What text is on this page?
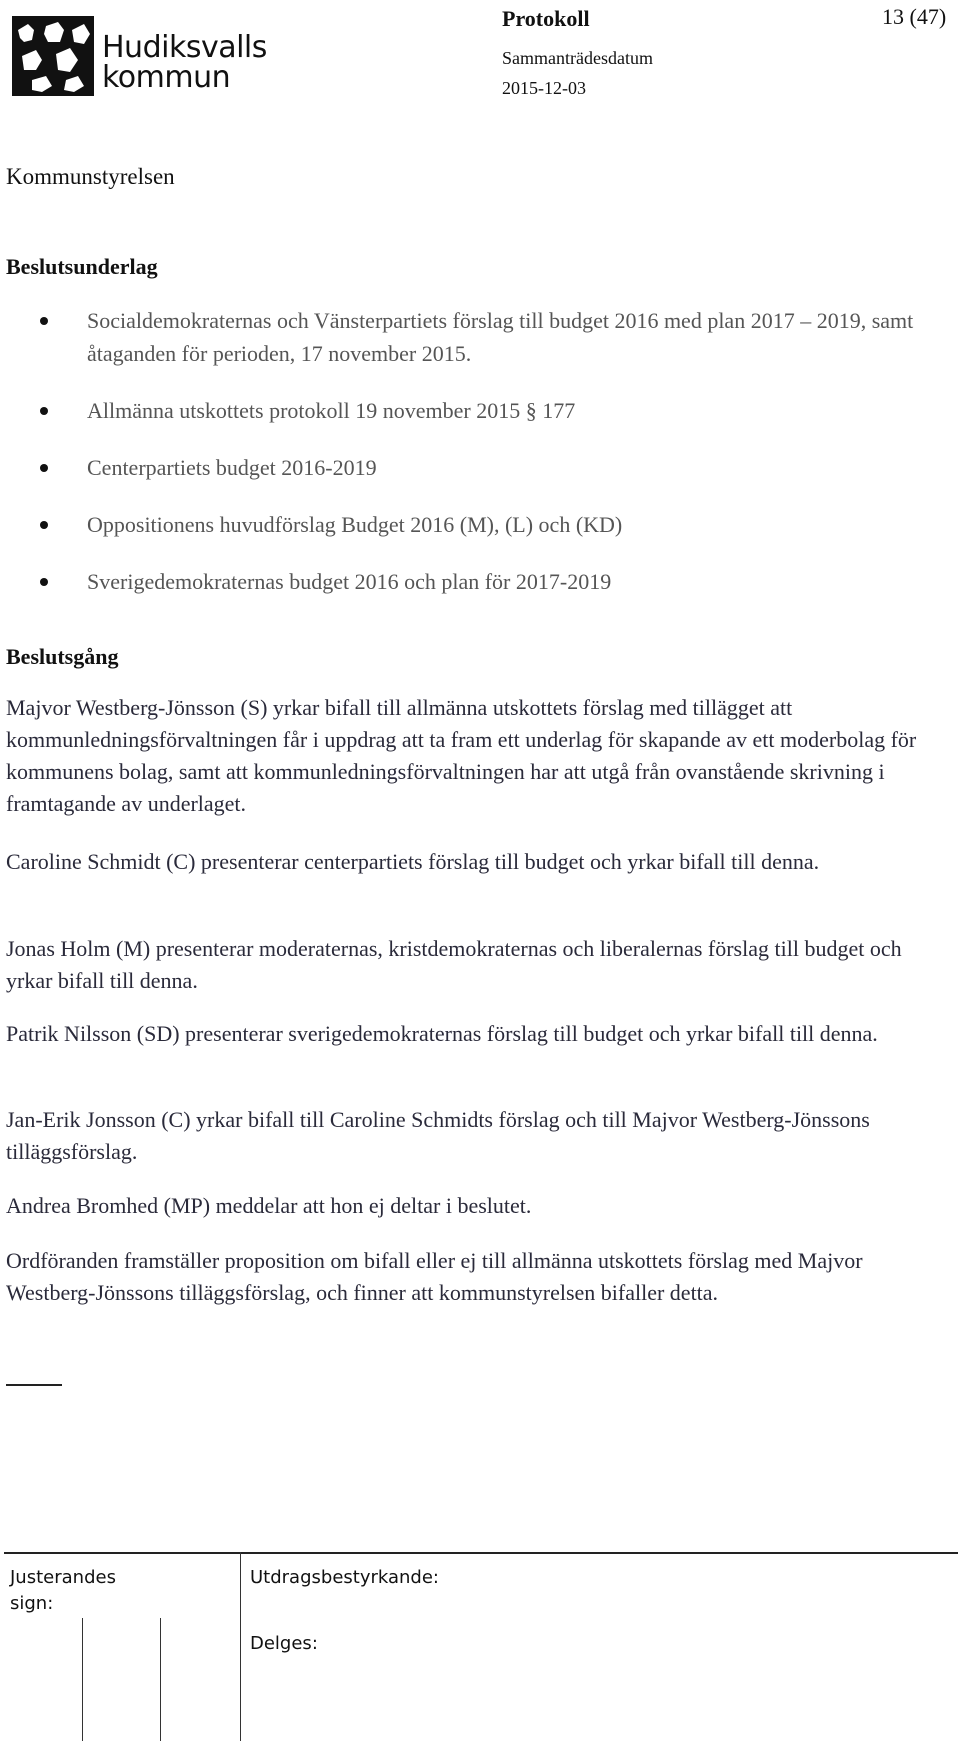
Hudiksvalls
kommun
Protokoll	13 (47)
Sammanträdesdatum
2015-12-03
Kommunstyrelsen
Beslutsunderlag
Socialdemokraternas och Vänsterpartiets förslag till budget 2016 med plan 2017 – 2019, samt åtaganden för perioden, 17 november 2015.
Allmänna utskottets protokoll 19 november 2015 § 177
Centerpartiets budget 2016-2019
Oppositionens huvudförslag Budget 2016 (M), (L) och (KD)
Sverigedemokraternas budget 2016 och plan för 2017-2019
Beslutsgång

Majvor Westberg-Jönsson (S) yrkar bifall till allmänna utskottets förslag med tillägget att kommunledningsförvaltningen får i uppdrag att ta fram ett underlag för skapande av ett moderbolag för kommunens bolag, samt att kommunledningsförvaltningen har att utgå från ovanstående skrivning i framtagande av underlaget.

Caroline Schmidt (C) presenterar centerpartiets förslag till budget och yrkar bifall till denna.

Jonas Holm (M) presenterar moderaternas, kristdemokraternas och liberalernas förslag till budget och yrkar bifall till denna.

Patrik Nilsson (SD) presenterar sverigedemokraternas förslag till budget och yrkar bifall till denna.

Jan-Erik Jonsson (C) yrkar bifall till Caroline Schmidts förslag och till Majvor Westberg-Jönssons tilläggsförslag.

Andrea Bromhed (MP) meddelar att hon ej deltar i beslutet.

Ordföranden framställer proposition om bifall eller ej till allmänna utskottets förslag med Majvor Westberg-Jönssons tilläggsförslag, och finner att kommunstyrelsen bifaller detta.

Justerandes
sign:
Utdragsbestyrkande:
Delges:
